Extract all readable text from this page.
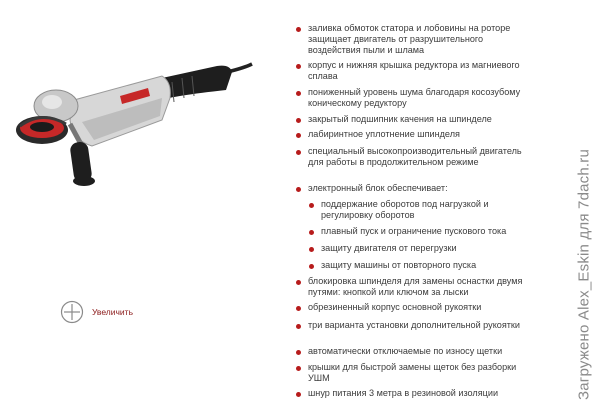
Увеличить
заливка обмоток статора и лобовины на роторе защищает двигатель от разрушительного воздействия пыли и шлама
корпус и нижняя крышка редуктора из магниевого сплава
пониженный уровень шума благодаря косозубому коническому редуктору
закрытый подшипник качения на шпинделе
лабиринтное уплотнение шпинделя
специальный высокопроизводительный двигатель для работы в продолжительном режиме
электронный блок обеспечивает:
поддержание оборотов под нагрузкой и регулировку оборотов
плавный пуск и ограничение пускового тока
защиту двигателя от перегрузки
защиту машины от повторного пуска
блокировка шпинделя для замены оснастки двумя путями: кнопкой или ключом за лыски
обрезиненный корпус основной рукоятки
три варианта установки дополнительной рукоятки
автоматически отключаемые по износу щетки
крышки для быстрой замены щеток без разборки УШМ
шнур питания 3 метра в резиновой изоляции	Загружено Alex_Eskin для 7dach.ru
